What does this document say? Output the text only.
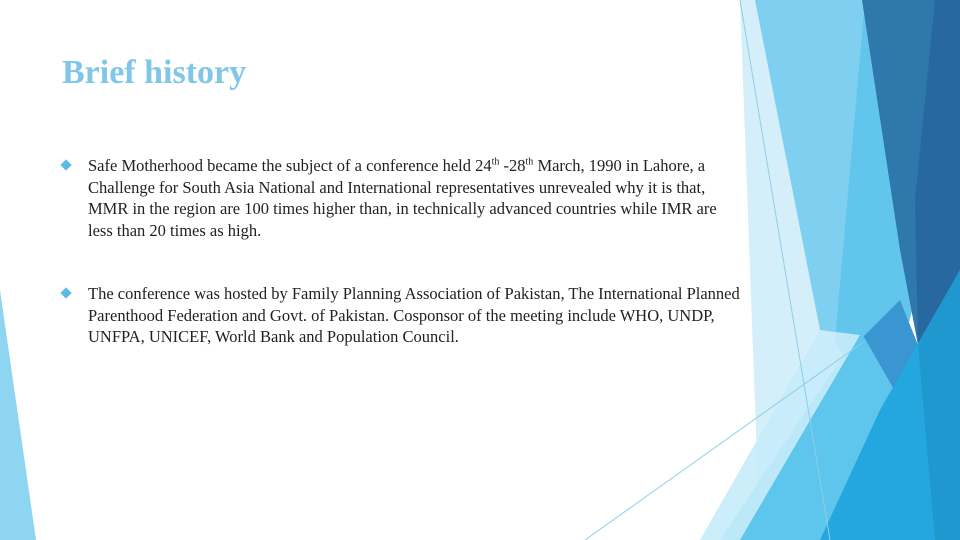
Brief history
Safe Motherhood became the subject of a conference held 24th -28th March, 1990 in Lahore, a Challenge for South Asia National and International representatives unrevealed why it is that, MMR in the region are 100 times higher than, in technically advanced countries while IMR are less than 20 times as high.
The conference was hosted by Family Planning Association of Pakistan, The International Planned Parenthood Federation and Govt. of Pakistan. Cosponsor of the meeting include WHO, UNDP, UNFPA, UNICEF, World Bank and Population Council.
